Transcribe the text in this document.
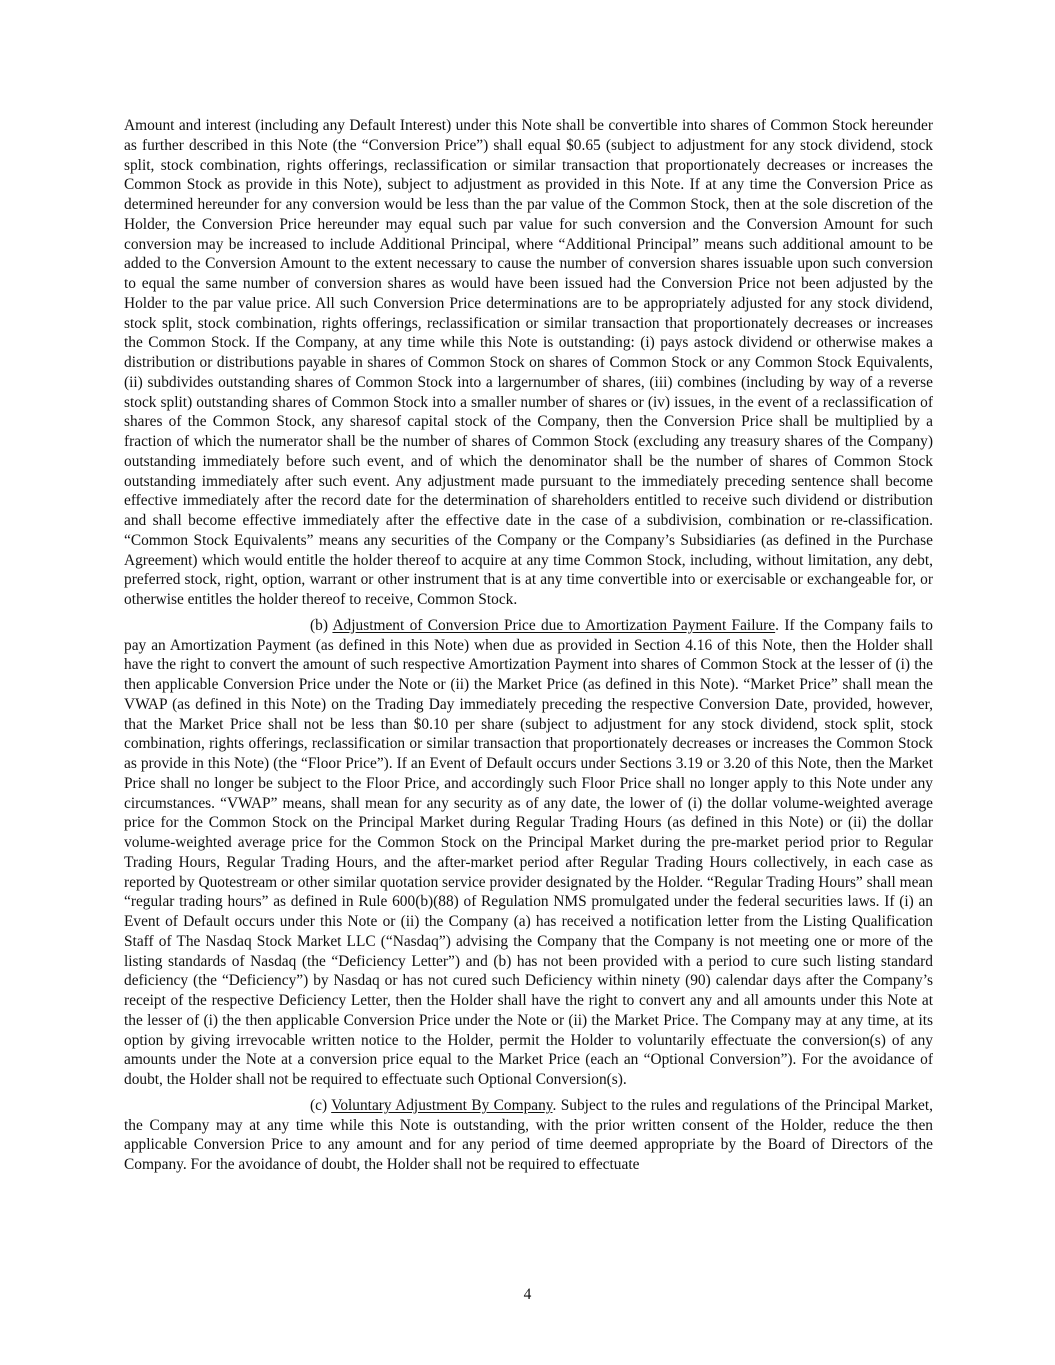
Amount and interest (including any Default Interest) under this Note shall be convertible into shares of Common Stock hereunder as further described in this Note (the “Conversion Price”) shall equal $0.65 (subject to adjustment for any stock dividend, stock split, stock combination, rights offerings, reclassification or similar transaction that proportionately decreases or increases the Common Stock as provide in this Note), subject to adjustment as provided in this Note. If at any time the Conversion Price as determined hereunder for any conversion would be less than the par value of the Common Stock, then at the sole discretion of the Holder, the Conversion Price hereunder may equal such par value for such conversion and the Conversion Amount for such conversion may be increased to include Additional Principal, where “Additional Principal” means such additional amount to be added to the Conversion Amount to the extent necessary to cause the number of conversion shares issuable upon such conversion to equal the same number of conversion shares as would have been issued had the Conversion Price not been adjusted by the Holder to the par value price. All such Conversion Price determinations are to be appropriately adjusted for any stock dividend, stock split, stock combination, rights offerings, reclassification or similar transaction that proportionately decreases or increases the Common Stock. If the Company, at any time while this Note is outstanding: (i) pays astock dividend or otherwise makes a distribution or distributions payable in shares of Common Stock on shares of Common Stock or any Common Stock Equivalents, (ii) subdivides outstanding shares of Common Stock into a largernumber of shares, (iii) combines (including by way of a reverse stock split) outstanding shares of Common Stock into a smaller number of shares or (iv) issues, in the event of a reclassification of shares of the Common Stock, any sharesof capital stock of the Company, then the Conversion Price shall be multiplied by a fraction of which the numerator shall be the number of shares of Common Stock (excluding any treasury shares of the Company) outstanding immediately before such event, and of which the denominator shall be the number of shares of Common Stock outstanding immediately after such event. Any adjustment made pursuant to the immediately preceding sentence shall become effective immediately after the record date for the determination of shareholders entitled to receive such dividend or distribution and shall become effective immediately after the effective date in the case of a subdivision, combination or re-classification. “Common Stock Equivalents” means any securities of the Company or the Company’s Subsidiaries (as defined in the Purchase Agreement) which would entitle the holder thereof to acquire at any time Common Stock, including, without limitation, any debt, preferred stock, right, option, warrant or other instrument that is at any time convertible into or exercisable or exchangeable for, or otherwise entitles the holder thereof to receive, Common Stock.

(b) Adjustment of Conversion Price due to Amortization Payment Failure. If the Company fails to pay an Amortization Payment (as defined in this Note) when due as provided in Section 4.16 of this Note, then the Holder shall have the right to convert the amount of such respective Amortization Payment into shares of Common Stock at the lesser of (i) the then applicable Conversion Price under the Note or (ii) the Market Price (as defined in this Note). “Market Price” shall mean the VWAP (as defined in this Note) on the Trading Day immediately preceding the respective Conversion Date, provided, however, that the Market Price shall not be less than $0.10 per share (subject to adjustment for any stock dividend, stock split, stock combination, rights offerings, reclassification or similar transaction that proportionately decreases or increases the Common Stock as provide in this Note) (the “Floor Price”). If an Event of Default occurs under Sections 3.19 or 3.20 of this Note, then the Market Price shall no longer be subject to the Floor Price, and accordingly such Floor Price shall no longer apply to this Note under any circumstances. “VWAP” means, shall mean for any security as of any date, the lower of (i) the dollar volume-weighted average price for the Common Stock on the Principal Market during Regular Trading Hours (as defined in this Note) or (ii) the dollar volume-weighted average price for the Common Stock on the Principal Market during the pre-market period prior to Regular Trading Hours, Regular Trading Hours, and the after-market period after Regular Trading Hours collectively, in each case as reported by Quotestream or other similar quotation service provider designated by the Holder. “Regular Trading Hours” shall mean “regular trading hours” as defined in Rule 600(b)(88) of Regulation NMS promulgated under the federal securities laws. If (i) an Event of Default occurs under this Note or (ii) the Company (a) has received a notification letter from the Listing Qualification Staff of The Nasdaq Stock Market LLC (“Nasdaq”) advising the Company that the Company is not meeting one or more of the listing standards of Nasdaq (the “Deficiency Letter”) and (b) has not been provided with a period to cure such listing standard deficiency (the “Deficiency”) by Nasdaq or has not cured such Deficiency within ninety (90) calendar days after the Company’s receipt of the respective Deficiency Letter, then the Holder shall have the right to convert any and all amounts under this Note at the lesser of (i) the then applicable Conversion Price under the Note or (ii) the Market Price. The Company may at any time, at its option by giving irrevocable written notice to the Holder, permit the Holder to voluntarily effectuate the conversion(s) of any amounts under the Note at a conversion price equal to the Market Price (each an “Optional Conversion”). For the avoidance of doubt, the Holder shall not be required to effectuate such Optional Conversion(s).

(c) Voluntary Adjustment By Company. Subject to the rules and regulations of the Principal Market, the Company may at any time while this Note is outstanding, with the prior written consent of the Holder, reduce the then applicable Conversion Price to any amount and for any period of time deemed appropriate by the Board of Directors of the Company. For the avoidance of doubt, the Holder shall not be required to effectuate

4
